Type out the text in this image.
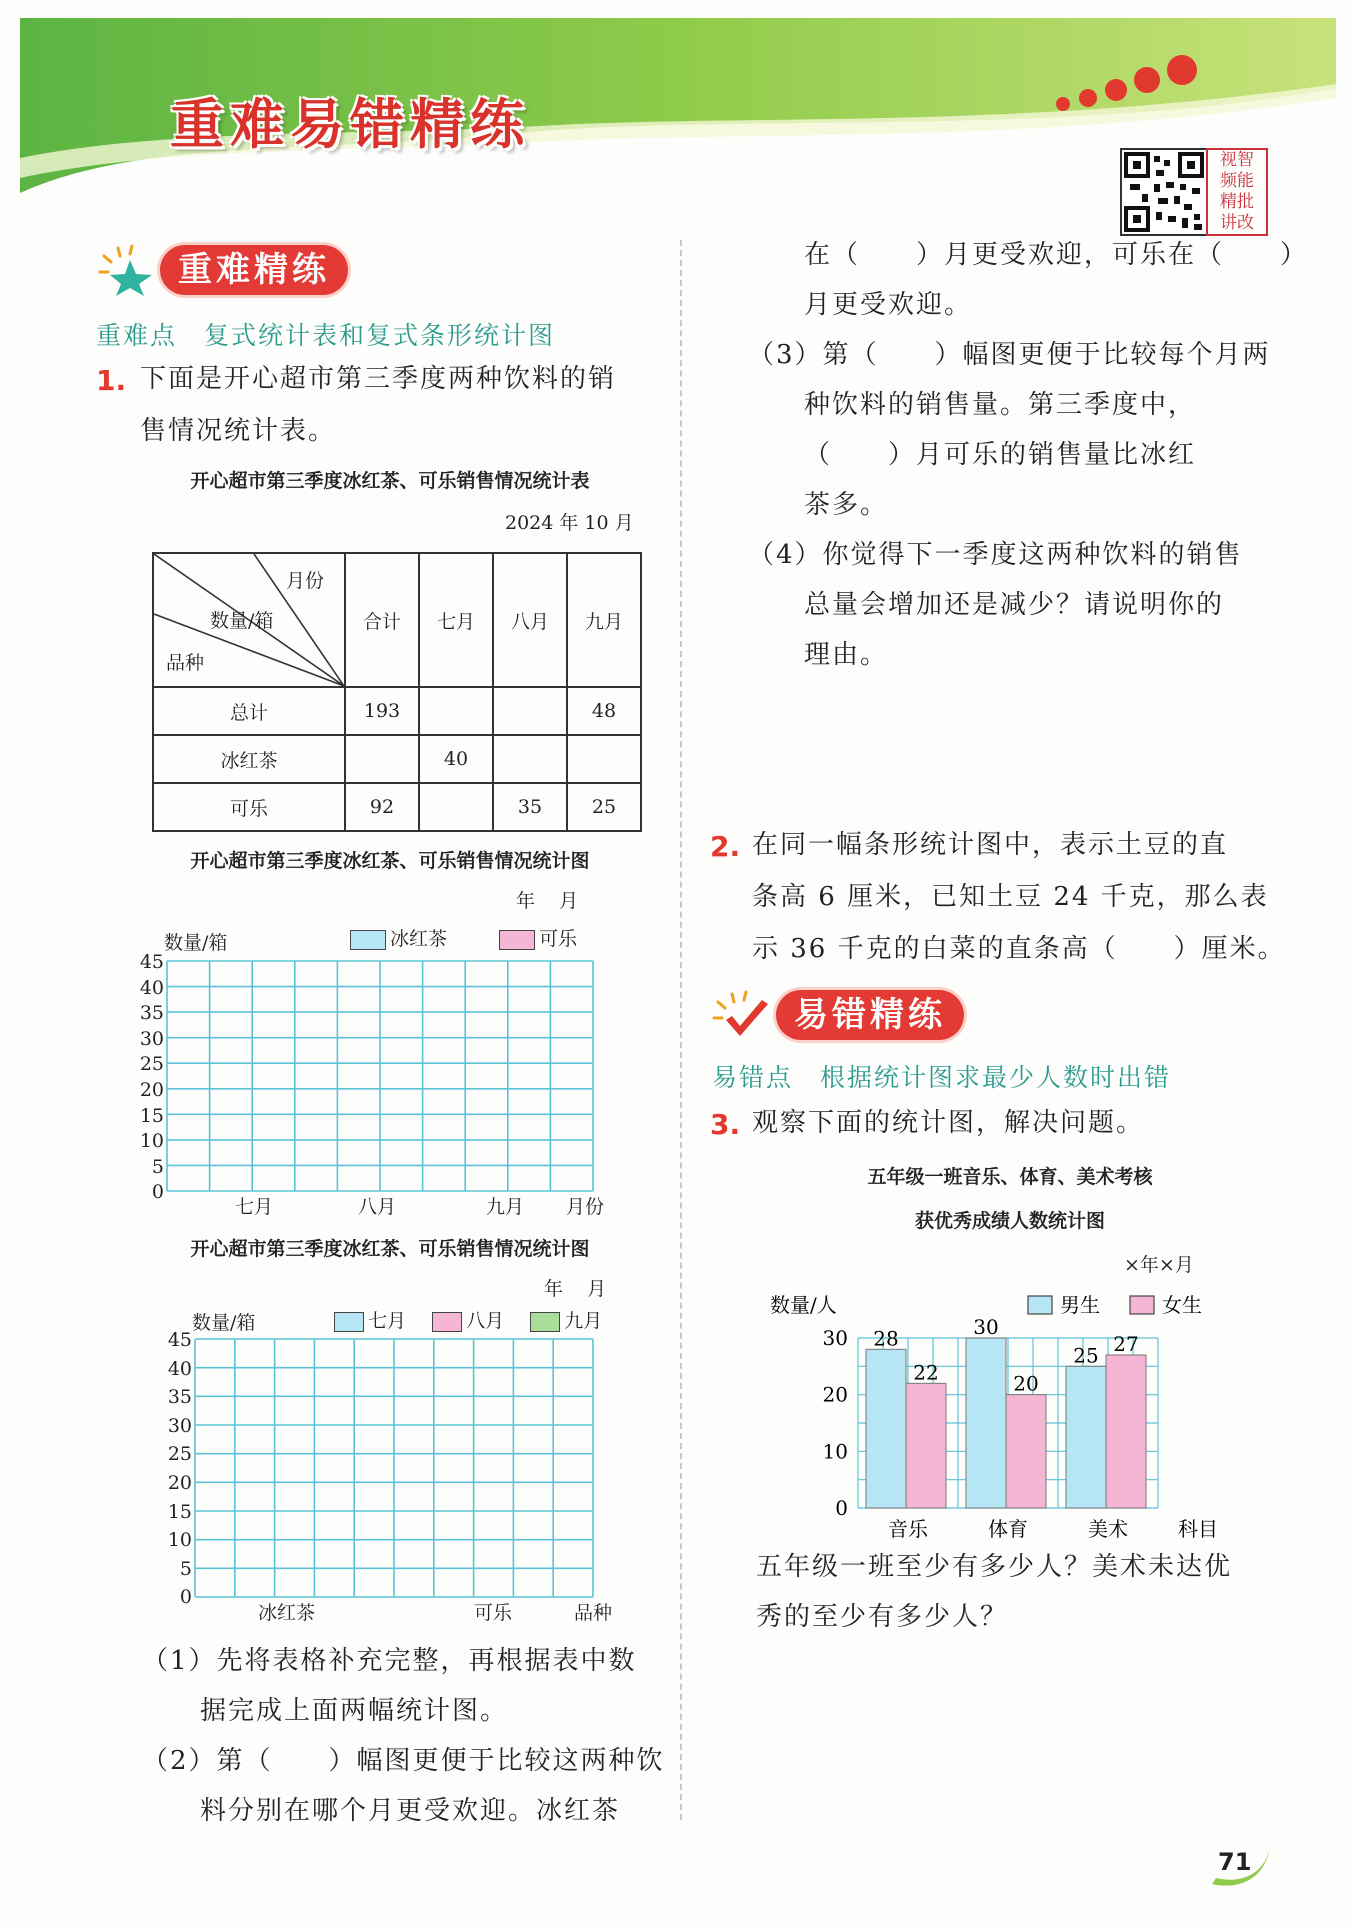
重难易错精练
视智
频能
精批
讲改
重难精练
重难点　 复式统计表和复式条形统计图
1. 下面是开心超市第三季度两种饮料的销
售情况统计表。
开心超市第三季度冰红茶、可乐销售情况统计表
2024 年 10 月
月份
数量/箱
品种	合计	七月	八月	九月
总计	193			48
冰红茶		40		
可乐	92		35	25
开心超市第三季度冰红茶、可乐销售情况统计图
年    月
数量/箱	冰红茶	可乐
45
40
35
30
25
20
15
10
5
0
七月	八月	九月 月份
开心超市第三季度冰红茶、可乐销售情况统计图
年    月
数量/箱	七月	八月	九月
45
40
35
30
25
20
15
10
5
0
冰红茶	可乐	品种
（1）先将表格补充完整，再根据表中数
据完成上面两幅统计图。
（2）第（　　）幅图更便于比较这两种饮
料分别在哪个月更受欢迎。冰红茶
在（　　）月更受欢迎，可乐在（　　）
月更受欢迎。
（3）第（　　）幅图更便于比较每个月两
种饮料的销售量。第三季度中，
（　　）月可乐的销售量比冰红
茶多。
（4）你觉得下一季度这两种饮料的销售
总量会增加还是减少？请说明你的
理由。
2. 在同一幅条形统计图中，表示土豆的直
条高 6 厘米，已知土豆 24 千克，那么表
示 36 千克的白菜的直条高（　　）厘米。
易错精练
易错点　 根据统计图求最少人数时出错
3. 观察下面的统计图，解决问题。
五年级一班音乐、体育、美术考核
获优秀成绩人数统计图
×年×月
30
20
10
0
数量/人	男生	女生
28
22
音乐
30
20
体育
25 27
美术	科目
五年级一班至少有多少人？美术未达优
秀的至少有多少人？
71
